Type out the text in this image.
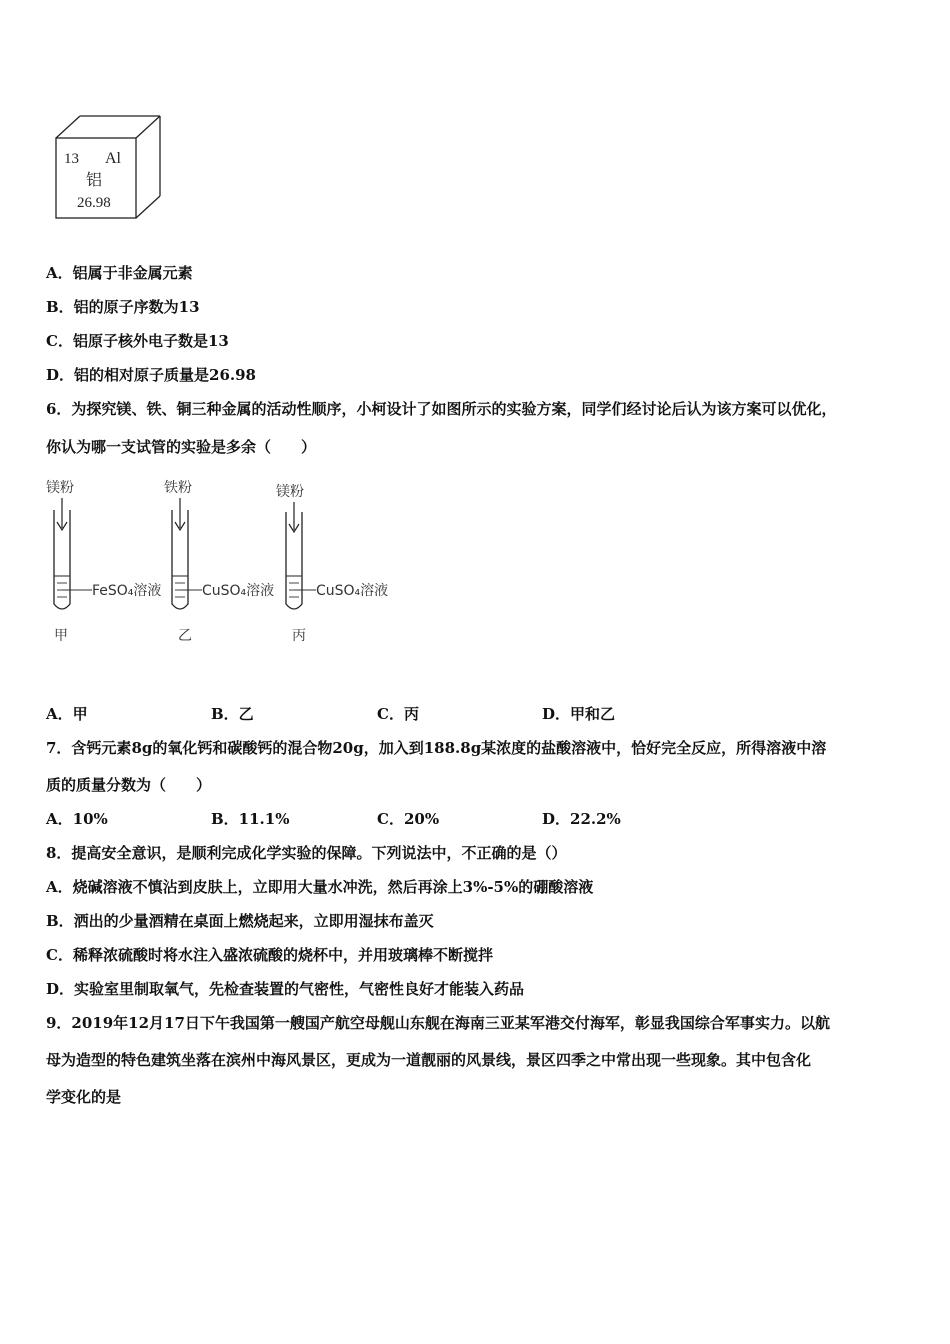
13 Al
铝
26.98
A．铝属于非金属元素
B．铝的原子序数为13
C．铝原子核外电子数是13
D．铝的相对原子质量是26.98
6．为探究镁、铁、铜三种金属的活动性顺序，小柯设计了如图所示的实验方案，同学们经讨论后认为该方案可以优化，
你认为哪一支试管的实验是多余（　　）
镁粉
FeSO₄溶液
甲
铁粉
CuSO₄溶液
乙
镁粉
CuSO₄溶液
丙
A．甲	B．乙	C．丙	D．甲和乙
7．含钙元素8g的氧化钙和碳酸钙的混合物20g，加入到188.8g某浓度的盐酸溶液中，恰好完全反应，所得溶液中溶
质的质量分数为（　　）
A．10%	B．11.1%	C．20%	D．22.2%
8．提高安全意识，是顺利完成化学实验的保障。下列说法中，不正确的是（）
A．烧碱溶液不慎沾到皮肤上，立即用大量水冲洗，然后再涂上3%-5%的硼酸溶液
B．洒出的少量酒精在桌面上燃烧起来，立即用湿抹布盖灭
C．稀释浓硫酸时将水注入盛浓硫酸的烧杯中，并用玻璃棒不断搅拌
D．实验室里制取氧气，先检查装置的气密性，气密性良好才能装入药品
9．2019年12月17日下午我国第一艘国产航空母舰山东舰在海南三亚某军港交付海军，彰显我国综合军事实力。以航
母为造型的特色建筑坐落在滨州中海风景区，更成为一道靓丽的风景线，景区四季之中常出现一些现象。其中包含化
学变化的是
